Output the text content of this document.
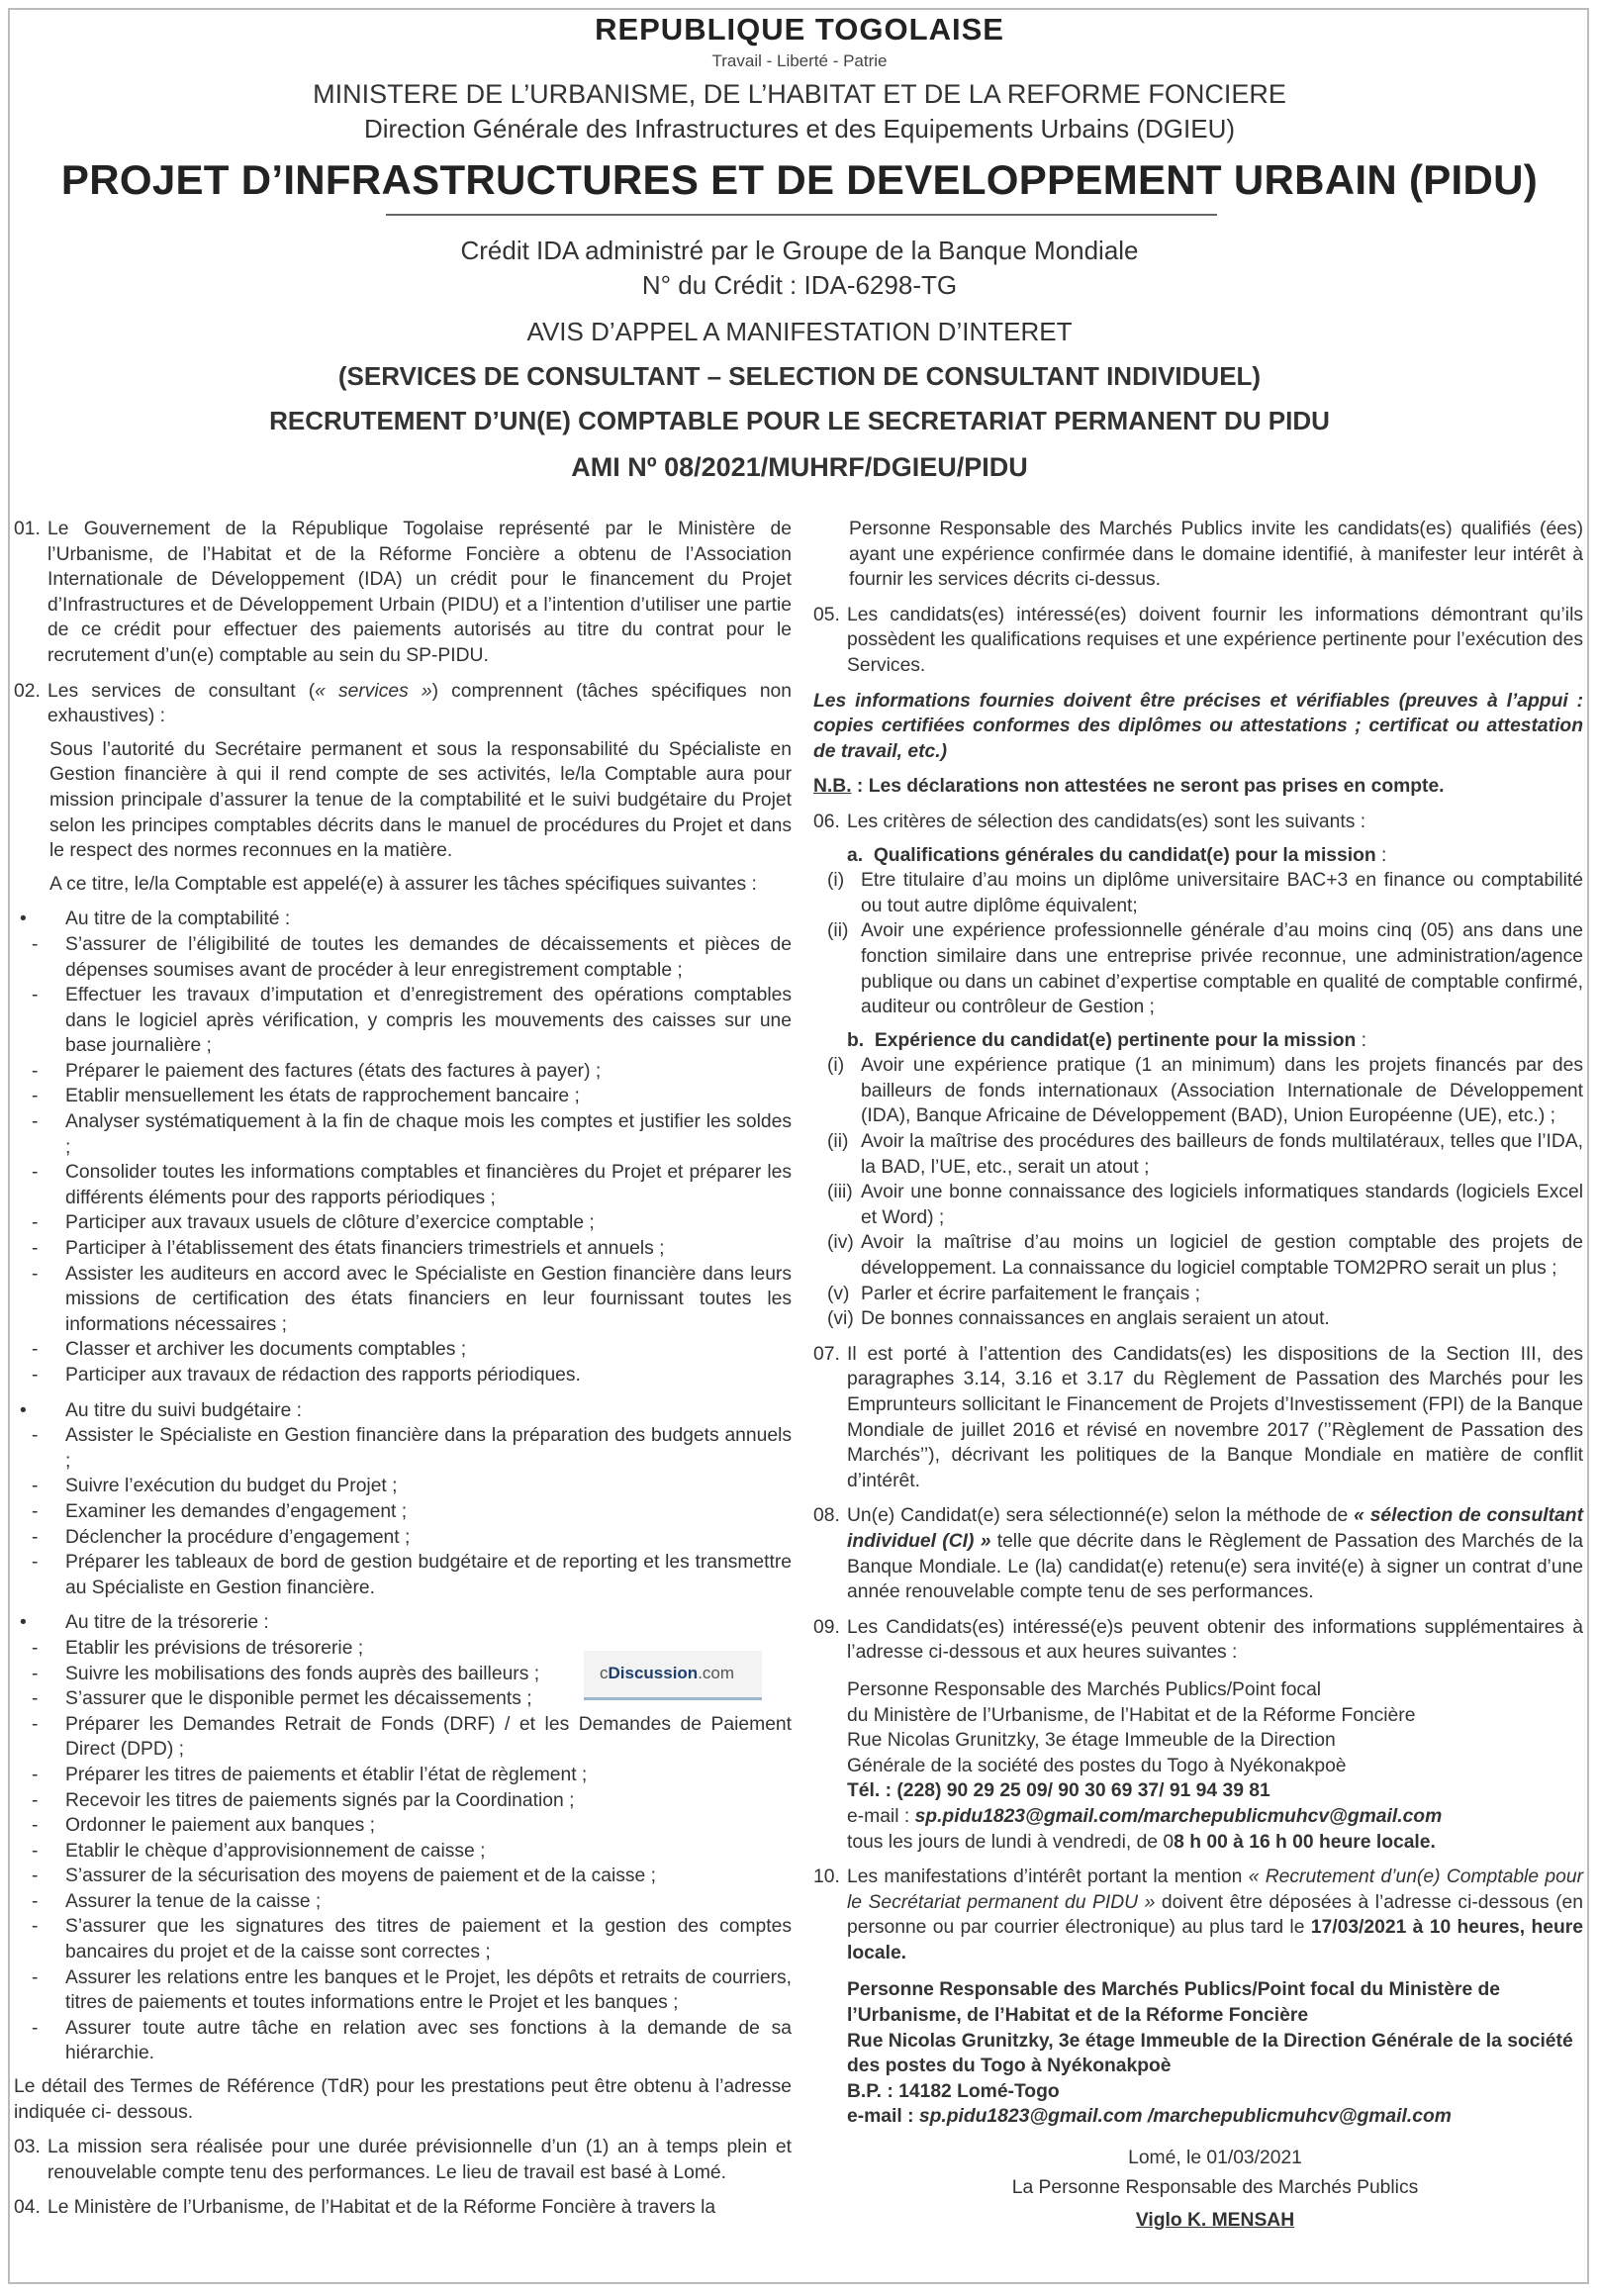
REPUBLIQUE TOGOLAISE
Travail - Liberté - Patrie
MINISTERE DE L’URBANISME, DE L’HABITAT ET DE LA REFORME FONCIERE
Direction Générale des Infrastructures et des Equipements Urbains (DGIEU)
PROJET D’INFRASTRUCTURES ET DE DEVELOPPEMENT URBAIN (PIDU)
Crédit IDA administré par le Groupe de la Banque Mondiale
N° du Crédit : IDA-6298-TG
AVIS D’APPEL A MANIFESTATION D’INTERET
(SERVICES DE CONSULTANT – SELECTION DE CONSULTANT INDIVIDUEL)
RECRUTEMENT D’UN(E) COMPTABLE POUR LE SECRETARIAT PERMANENT DU PIDU
AMI Nº 08/2021/MUHRF/DGIEU/PIDU
01. Le Gouvernement de la République Togolaise représenté par le Ministère de l’Urbanisme, de l’Habitat et de la Réforme Foncière a obtenu de l’Association Internationale de Développement (IDA) un crédit pour le financement du Projet d’Infrastructures et de Développement Urbain (PIDU) et a l’intention d’utiliser une partie de ce crédit pour effectuer des paiements autorisés au titre du contrat pour le recrutement d’un(e) comptable au sein du SP-PIDU.
02. Les services de consultant (« services ») comprennent (tâches spécifiques non exhaustives) :

Sous l’autorité du Secrétaire permanent et sous la responsabilité du Spécialiste en Gestion financière à qui il rend compte de ses activités, le/la Comptable aura pour mission principale d’assurer la tenue de la comptabilité et le suivi budgétaire du Projet selon les principes comptables décrits dans le manuel de procédures du Projet et dans le respect des normes reconnues en la matière.

A ce titre, le/la Comptable est appelé(e) à assurer les tâches spécifiques suivantes :

•	Au titre de la comptabilité :
- S’assurer de l’éligibilité de toutes les demandes de décaissements et pièces de dépenses soumises avant de procéder à leur enregistrement comptable ;
- Effectuer les travaux d’imputation et d’enregistrement des opérations comptables dans le logiciel après vérification, y compris les mouvements des caisses sur une base journalière ;
- Préparer le paiement des factures (états des factures à payer) ;
- Etablir mensuellement les états de rapprochement bancaire ;
- Analyser systématiquement à la fin de chaque mois les comptes et justifier les soldes ;
- Consolider toutes les informations comptables et financières du Projet et préparer les différents éléments pour des rapports périodiques ;
- Participer aux travaux usuels de clôture d’exercice comptable ;
- Participer à l’établissement des états financiers trimestriels et annuels ;
- Assister les auditeurs en accord avec le Spécialiste en Gestion financière dans leurs missions de certification des états financiers en leur fournissant toutes les informations nécessaires ;
- Classer et archiver les documents comptables ;
- Participer aux travaux de rédaction des rapports périodiques.
•	Au titre du suivi budgétaire :
- Assister le Spécialiste en Gestion financière dans la préparation des budgets annuels ;
- Suivre l’exécution du budget du Projet ;
- Examiner les demandes d’engagement ;
- Déclencher la procédure d’engagement ;
- Préparer les tableaux de bord de gestion budgétaire et de reporting et les transmettre au Spécialiste en Gestion financière.
•	Au titre de la trésorerie :
- Etablir les prévisions de trésorerie ;
- Suivre les mobilisations des fonds auprès des bailleurs ;
- S’assurer que le disponible permet les décaissements ;
- Préparer les Demandes Retrait de Fonds (DRF) / et les Demandes de Paiement Direct (DPD) ;
- Préparer les titres de paiements et établir l’état de règlement ;
- Recevoir les titres de paiements signés par la Coordination ;
- Ordonner le paiement aux banques ;
- Etablir le chèque d’approvisionnement de caisse ;
- S’assurer de la sécurisation des moyens de paiement et de la caisse ;
- Assurer la tenue de la caisse ;
- S’assurer que les signatures des titres de paiement et la gestion des comptes bancaires du projet et de la caisse sont correctes ;
- Assurer les relations entre les banques et le Projet, les dépôts et retraits de courriers, titres de paiements et toutes informations entre le Projet et les banques ;
- Assurer toute autre tâche en relation avec ses fonctions à la demande de sa hiérarchie.

Le détail des Termes de Référence (TdR) pour les prestations peut être obtenu à l’adresse indiquée ci- dessous.

03. La mission sera réalisée pour une durée prévisionnelle d’un (1) an à temps plein et renouvelable compte tenu des performances. Le lieu de travail est basé à Lomé.
04. Le Ministère de l’Urbanisme, de l’Habitat et de la Réforme Foncière à travers la

Personne Responsable des Marchés Publics invite les candidats(es) qualifiés (ées) ayant une expérience confirmée dans le domaine identifié, à manifester leur intérêt à fournir les services décrits ci-dessus.

05. Les candidats(es) intéressé(es) doivent fournir les informations démontrant qu’ils possèdent les qualifications requises et une expérience pertinente pour l’exécution des Services.

Les informations fournies doivent être précises et vérifiables (preuves à l’appui : copies certifiées conformes des diplômes ou attestations ; certificat ou attestation de travail, etc.)

N.B. : Les déclarations non attestées ne seront pas prises en compte.

06. Les critères de sélection des candidats(es) sont les suivants :
a. Qualifications générales du candidat(e) pour la mission :
(i) Etre titulaire d’au moins un diplôme universitaire BAC+3 en finance ou comptabilité ou tout autre diplôme équivalent;
(ii) Avoir une expérience professionnelle générale d’au moins cinq (05) ans dans une fonction similaire dans une entreprise privée reconnue, une administration/agence publique ou dans un cabinet d’expertise comptable en qualité de comptable confirmé, auditeur ou contrôleur de Gestion ;
b. Expérience du candidat(e) pertinente pour la mission :
(i) Avoir une expérience pratique (1 an minimum) dans les projets financés par des bailleurs de fonds internationaux (Association Internationale de Développement (IDA), Banque Africaine de Développement (BAD), Union Européenne (UE), etc.) ;
(ii) Avoir la maîtrise des procédures des bailleurs de fonds multilatéraux, telles que l’IDA, la BAD, l’UE, etc., serait un atout ;
(iii) Avoir une bonne connaissance des logiciels informatiques standards (logiciels Excel et Word) ;
(iv) Avoir la maîtrise d’au moins un logiciel de gestion comptable des projets de développement. La connaissance du logiciel comptable TOM2PRO serait un plus ;
(v) Parler et écrire parfaitement le français ;
(vi) De bonnes connaissances en anglais seraient un atout.
07. Il est porté à l’attention des Candidats(es) les dispositions de la Section III, des paragraphes 3.14, 3.16 et 3.17 du Règlement de Passation des Marchés pour les Emprunteurs sollicitant le Financement de Projets d’Investissement (FPI) de la Banque Mondiale de juillet 2016 et révisé en novembre 2017 (’’Règlement de Passation des Marchés’’), décrivant les politiques de la Banque Mondiale en matière de conflit d’intérêt.
08. Un(e) Candidat(e) sera sélectionné(e) selon la méthode de « sélection de consultant individuel (CI) » telle que décrite dans le Règlement de Passation des Marchés de la Banque Mondiale. Le (la) candidat(e) retenu(e) sera invité(e) à signer un contrat d’une année renouvelable compte tenu de ses performances.
09. Les Candidats(es) intéressé(e)s peuvent obtenir des informations supplémentaires à l’adresse ci-dessous et aux heures suivantes :
Personne Responsable des Marchés Publics/Point focal
du Ministère de l’Urbanisme, de l’Habitat et de la Réforme Foncière
Rue Nicolas Grunitzky, 3e étage Immeuble de la Direction
Générale de la société des postes du Togo à Nyékonakpoè
Tél. : (228) 90 29 25 09/ 90 30 69 37/ 91 94 39 81
e-mail : sp.pidu1823@gmail.com/marchepublicmuhcv@gmail.com
tous les jours de lundi à vendredi, de 08 h 00 à 16 h 00 heure locale.
10. Les manifestations d’intérêt portant la mention « Recrutement d’un(e) Comptable pour le Secrétariat permanent du PIDU » doivent être déposées à l’adresse ci-dessous (en personne ou par courrier électronique) au plus tard le 17/03/2021 à 10 heures, heure locale.
Personne Responsable des Marchés Publics/Point focal du Ministère de l’Urbanisme, de l’Habitat et de la Réforme Foncière
Rue Nicolas Grunitzky, 3e étage Immeuble de la Direction Générale de la société des postes du Togo à Nyékonakpoè
B.P. : 14182 Lomé-Togo
e-mail : sp.pidu1823@gmail.com /marchepublicmuhcv@gmail.com
Lomé, le 01/03/2021
La Personne Responsable des Marchés Publics
Viglo K. MENSAH
cDiscussion.com
